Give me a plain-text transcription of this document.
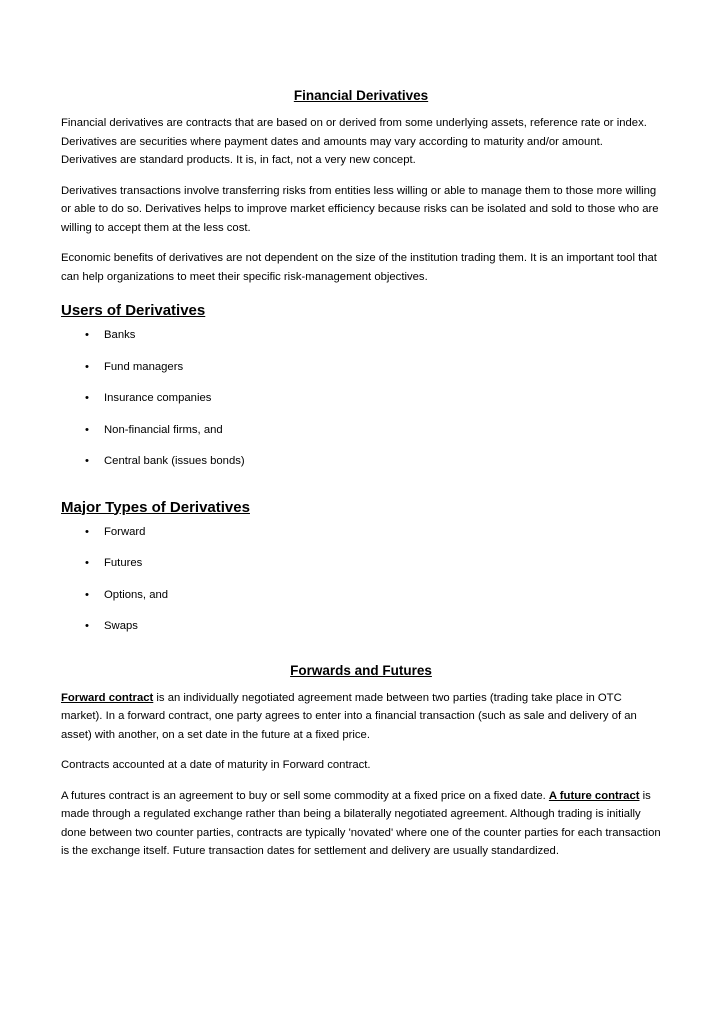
Financial Derivatives

Financial derivatives are contracts that are based on or derived from some underlying assets, reference rate or index. Derivatives are securities where payment dates and amounts may vary according to maturity and/or amount. Derivatives are standard products. It is, in fact, not a very new concept.

Derivatives transactions involve transferring risks from entities less willing or able to manage them to those more willing or able to do so. Derivatives helps to improve market efficiency because risks can be isolated and sold to those who are willing to accept them at the less cost.

Economic benefits of derivatives are not dependent on the size of the institution trading them. It is an important tool that can help organizations to meet their specific risk-management objectives.

Users of Derivatives
• Banks
• Fund managers
• Insurance companies
• Non-financial firms, and
• Central bank (issues bonds)
Major Types of Derivatives
• Forward
• Futures
• Options, and
• Swaps
Forwards and Futures

Forward contract is an individually negotiated agreement made between two parties (trading take place in OTC market). In a forward contract, one party agrees to enter into a financial transaction (such as sale and delivery of an asset) with another, on a set date in the future at a fixed price.

Contracts accounted at a date of maturity in Forward contract.

A futures contract is an agreement to buy or sell some commodity at a fixed price on a fixed date. A future contract is made through a regulated exchange rather than being a bilaterally negotiated agreement. Although trading is initially done between two counter parties, contracts are typically 'novated' where one of the counter parties for each transaction is the exchange itself. Future transaction dates for settlement and delivery are usually standardized.
